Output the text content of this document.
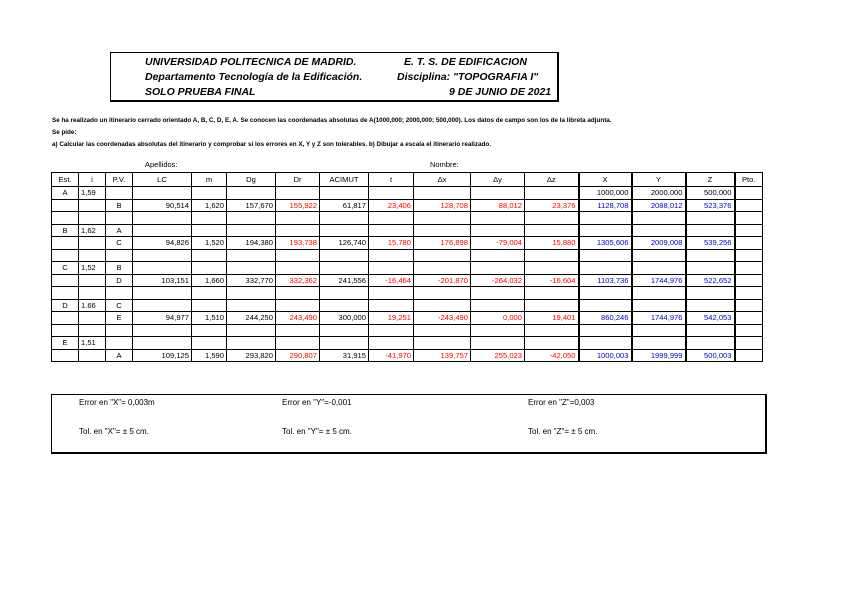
UNIVERSIDAD POLITECNICA DE MADRID.	E. T. S. DE EDIFICACION
Departamento Tecnología de la Edificación.	Disciplina: "TOPOGRAFIA I"
SOLO PRUEBA FINAL	9 DE JUNIO DE 2021
Se ha realizado un itinerario cerrado orientado A, B, C, D, E, A. Se conocen las coordenadas absolutas de A(1000,000; 2000,000; 500,000). Los datos de campo son los de la libreta adjunta.
Se pide:
a) Calcular las coordenadas absolutas del itinerario y comprobar si los errores en X, Y y Z son tolerables. b) Dibujar a escala el itinerario realizado.
Apellidos:	Nombre:
Est.	i	P.V.	LC	m	Dg	Dr	ACIMUT	t	Δx	Δy	Δz	X	Y	Z	Pto.
A	1,59											1000,000	2000,000	500,000	
		B	90,514	1,620	157,670	155,922	61,817	23,406	128,708	88,012	23,376	1128,708	2088,012	523,376	

B	1,62	A													
		C	94,826	1,520	194,380	193,738	126,740	15,780	176,898	-79,004	15,880	1305,606	2009,008	539,256	

C	1,52	B													
		D	103,151	1,660	332,770	332,362	241,556	-16,464	-201,870	-264,032	-16,604	1103,736	1744,976	522,652	

D	1.66	C													
		E	94,977	1,510	244,250	243,490	300,000	19,251	-243,490	0,000	19,401	860,246	1744,976	542,053	

E	1,51														
		A	109,125	1,590	293,820	290,807	31,915	-41,970	139,757	255,023	-42,050	1000,003	1999,999	500,003	
Error en "X"= 0,003m	Error en "Y"=-0,001	Error en "Z"=0,003
Tol. en "X"= ± 5 cm.	Tol. en "Y"= ± 5 cm.	Tol. en "Z"= ± 5 cm.
